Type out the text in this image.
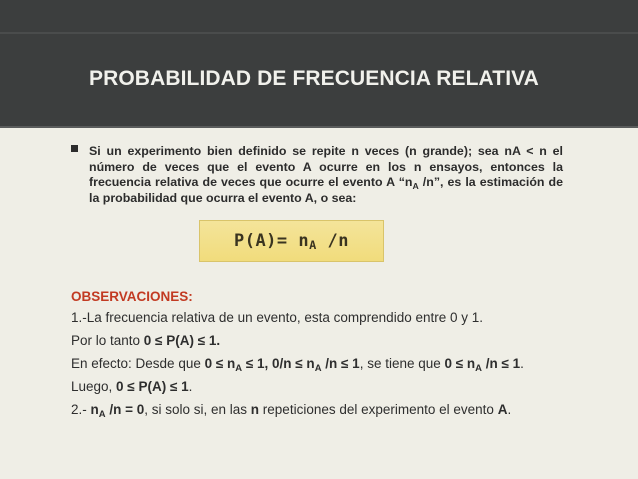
PROBABILIDAD DE FRECUENCIA RELATIVA
Si un experimento bien definido se repite n veces (n grande); sea nA < n el número de veces que el evento A ocurre en los n ensayos, entonces la frecuencia relativa de veces que ocurre el evento A “$n_A$ /n”, es la estimación de la probabilidad que ocurra el evento A, o sea:
$P(A)= n_A$ /n
OBSERVACIONES:
1.-La frecuencia relativa de un evento, esta comprendido entre 0 y 1.
Por lo tanto 0 ≤ P(A) ≤ 1.
En efecto: Desde que $0 \le n_A \le 1$, $0/n \le n_A$ /n ≤ 1, se tiene que $0 \le n_A$ /n ≤ 1.
Luego, 0 ≤ P(A) ≤ 1.
2.- $n_A$ /n = 0, si solo si, en las n repeticiones del experimento el evento A.
